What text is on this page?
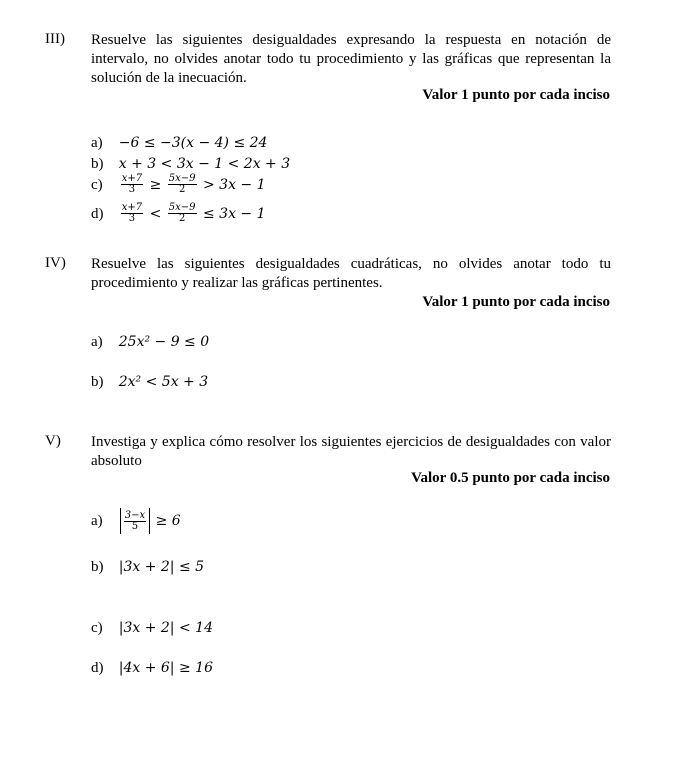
III) Resuelve las siguientes desigualdades expresando la respuesta en notación de intervalo, no olvides anotar todo tu procedimiento y las gráficas que representan la solución de la inecuación.
Valor 1 punto por cada inciso
a) −6 ≤ −3(x − 4) ≤ 24
b) x + 3 < 3x − 1 < 2x + 3
$c) \frac{x+7}{3} \ge \frac{5x-9}{2} > 3x - 1$
$d) \frac{x+7}{3} < \frac{5x-9}{2} \le 3x - 1$
IV) Resuelve las siguientes desigualdades cuadráticas, no olvides anotar todo tu procedimiento y realizar las gráficas pertinentes.
Valor 1 punto por cada inciso
a) 25x² − 9 ≤ 0
b) 2x² < 5x + 3
V) Investiga y explica cómo resolver los siguientes ejercicios de desigualdades con valor absoluto
Valor 0.5 punto por cada inciso
$a) \frac{3-x}{5} \ge 6$
b) |3x + 2| ≤ 5
c) |3x + 2| < 14
d) |4x + 6| ≥ 16
